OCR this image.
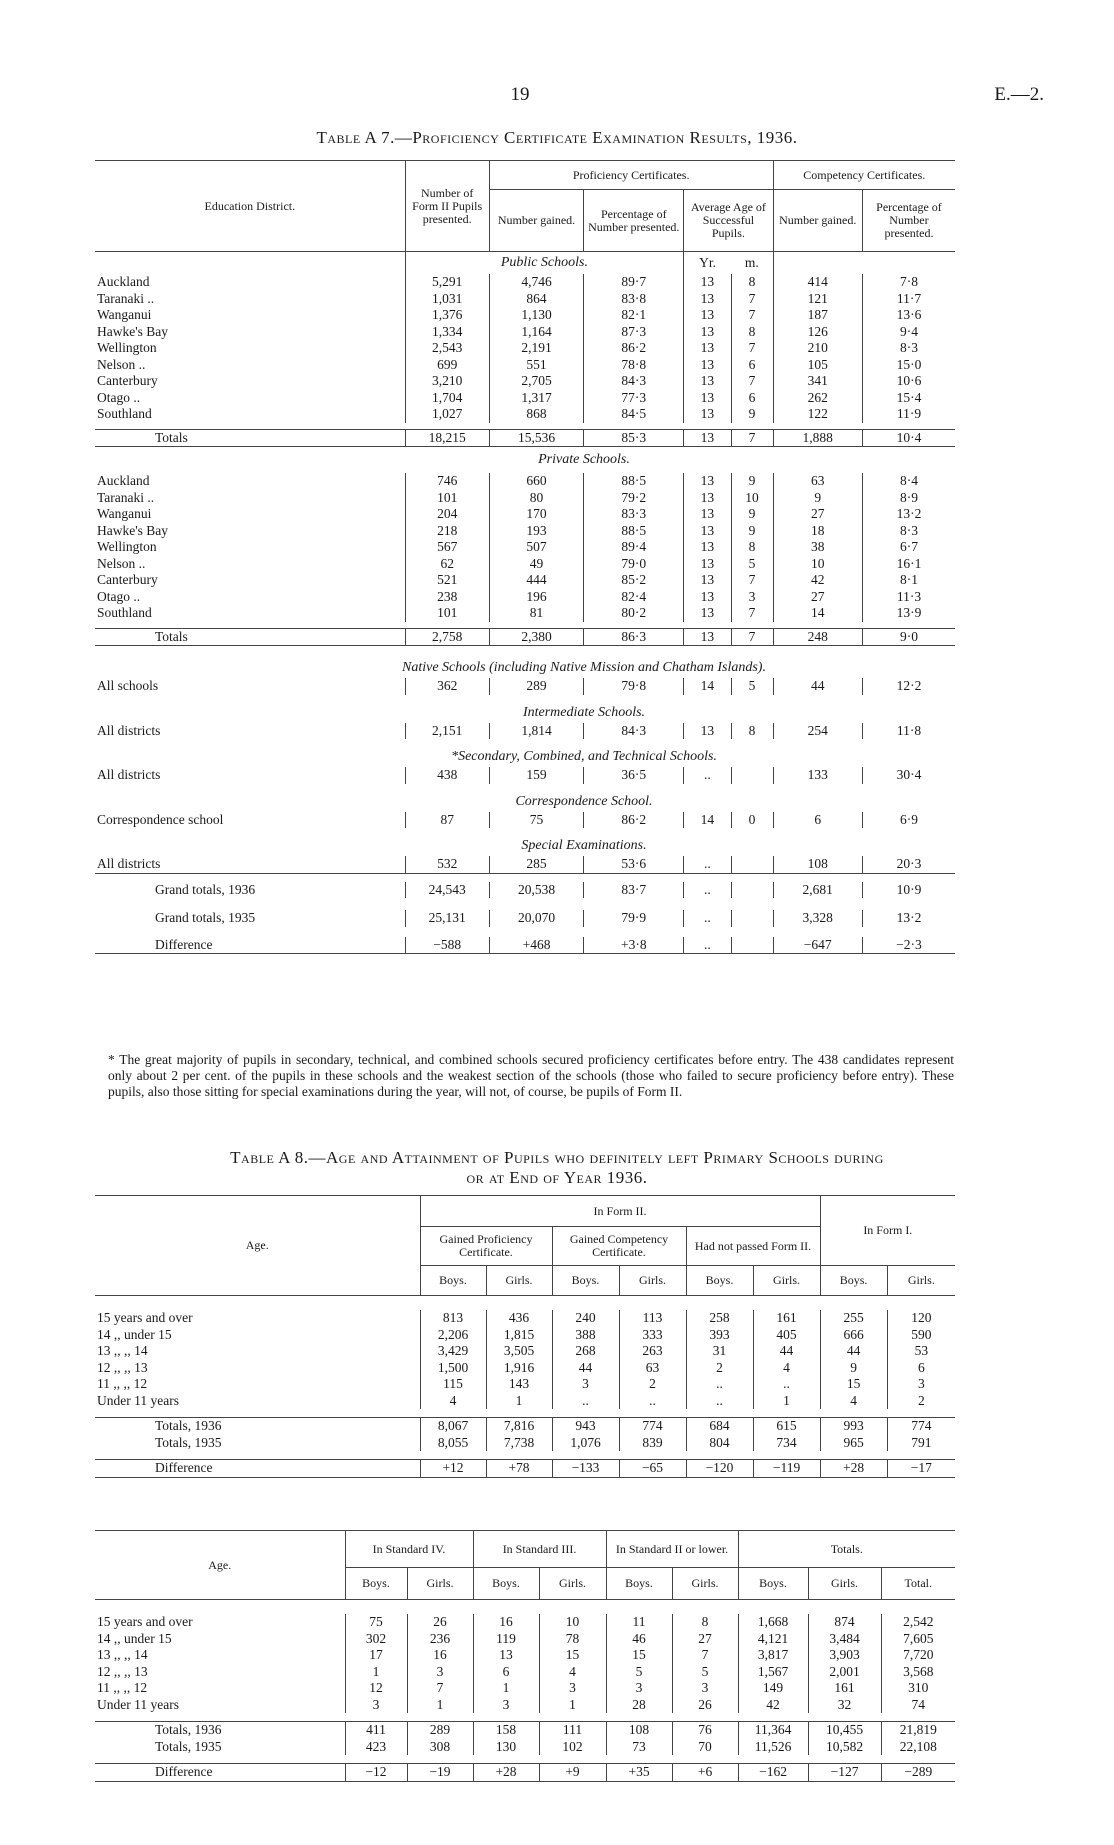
19	E.—2.
Table A 7.—Proficiency Certificate Examination Results, 1936.
Education District.	Number of Form II Pupils presented.	Proficiency Certificates.				Competency Certificates.	
		Number gained.	Percentage of Number presented.	Average Age of Successful Pupils.		Number gained.	Percentage of Number presented.
	Public Schools.			Yr.	m.		
Auckland	5,291	4,746	89·7	13	8	414	7·8
Taranaki ..	1,031	864	83·8	13	7	121	11·7
Wanganui	1,376	1,130	82·1	13	7	187	13·6
Hawke's Bay	1,334	1,164	87·3	13	8	126	9·4
Wellington	2,543	2,191	86·2	13	7	210	8·3
Nelson ..	699	551	78·8	13	6	105	15·0
Canterbury	3,210	2,705	84·3	13	7	341	10·6
Otago ..	1,704	1,317	77·3	13	6	262	15·4
Southland	1,027	868	84·5	13	9	122	11·9

Totals	18,215	15,536	85·3	13	7	1,888	10·4
Private Schools.							
Auckland	746	660	88·5	13	9	63	8·4
Taranaki ..	101	80	79·2	13	10	9	8·9
Wanganui	204	170	83·3	13	9	27	13·2
Hawke's Bay	218	193	88·5	13	9	18	8·3
Wellington	567	507	89·4	13	8	38	6·7
Nelson ..	62	49	79·0	13	5	10	16·1
Canterbury	521	444	85·2	13	7	42	8·1
Otago ..	238	196	82·4	13	3	27	11·3
Southland	101	81	80·2	13	7	14	13·9

Totals	2,758	2,380	86·3	13	7	248	9·0

Native Schools (including Native Mission and Chatham Islands).							
All schools	362	289	79·8	14	5	44	12·2

Intermediate Schools.							
All districts	2,151	1,814	84·3	13	8	254	11·8

*Secondary, Combined, and Technical Schools.							
All districts	438	159	36·5	..		133	30·4

Correspondence School.							
Correspondence school	87	75	86·2	14	0	6	6·9

Special Examinations.							
All districts	532	285	53·6	..		108	20·3

Grand totals, 1936	24,543	20,538	83·7	..		2,681	10·9

Grand totals, 1935	25,131	20,070	79·9	..		3,328	13·2

Difference	−588	+468	+3·8	..		−647	−2·3
* The great majority of pupils in secondary, technical, and combined schools secured proficiency certificates before entry. The 438 candidates represent only about 2 per cent. of the pupils in these schools and the weakest section of the schools (those who failed to secure proficiency before entry). These pupils, also those sitting for special examinations during the year, will not, of course, be pupils of Form II.
Table A 8.—Age and Attainment of Pupils who definitely left Primary Schools during
or at End of Year 1936.
Age.	In Form II.						In Form I.	
	Gained Proficiency Certificate.		Gained Competency Certificate.		Had not passed Form II.			
	Boys.	Girls.	Boys.	Girls.	Boys.	Girls.	Boys.	Girls.

15 years and over	813	436	240	113	258	161	255	120
14 ,, under 15	2,206	1,815	388	333	393	405	666	590
13 ,, ,, 14	3,429	3,505	268	263	31	44	44	53
12 ,, ,, 13	1,500	1,916	44	63	2	4	9	6
11 ,, ,, 12	115	143	3	2	..	..	15	3
Under 11 years	4	1	..	..	..	1	4	2

Totals, 1936	8,067	7,816	943	774	684	615	993	774
Totals, 1935	8,055	7,738	1,076	839	804	734	965	791

Difference	+12	+78	−133	−65	−120	−119	+28	−17
Age.	In Standard IV.		In Standard III.		In Standard II or lower.		Totals.		
	Boys.	Girls.	Boys.	Girls.	Boys.	Girls.	Boys.	Girls.	Total.

15 years and over	75	26	16	10	11	8	1,668	874	2,542
14 ,, under 15	302	236	119	78	46	27	4,121	3,484	7,605
13 ,, ,, 14	17	16	13	15	15	7	3,817	3,903	7,720
12 ,, ,, 13	1	3	6	4	5	5	1,567	2,001	3,568
11 ,, ,, 12	12	7	1	3	3	3	149	161	310
Under 11 years	3	1	3	1	28	26	42	32	74

Totals, 1936	411	289	158	111	108	76	11,364	10,455	21,819
Totals, 1935	423	308	130	102	73	70	11,526	10,582	22,108

Difference	−12	−19	+28	+9	+35	+6	−162	−127	−289
